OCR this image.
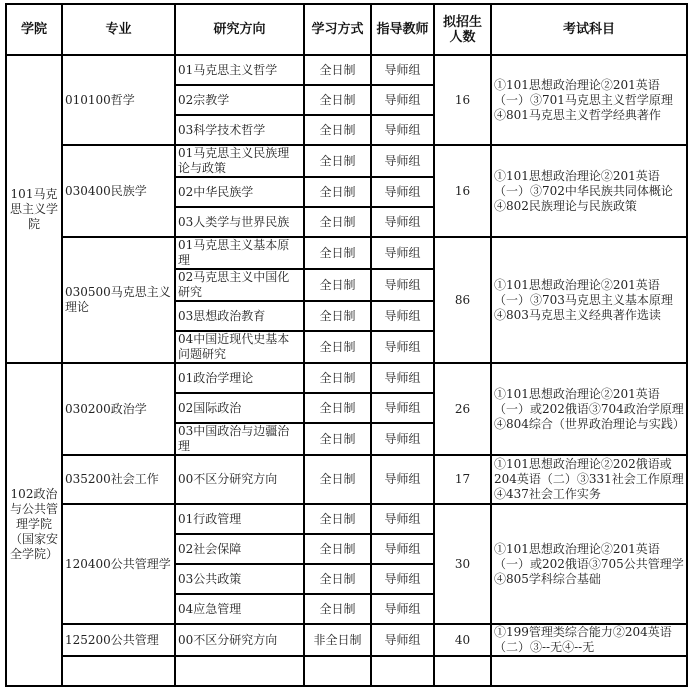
学院	专业	研究方向	学习方式	指导教师	拟招生人数	考试科目
101马克思主义学院	010100哲学	01马克思主义哲学	全日制	导师组	16	①101思想政治理论②201英语（一）③701马克思主义哲学原理④801马克思主义哲学经典著作
		02宗教学	全日制	导师组		
		03科学技术哲学	全日制	导师组		
	030400民族学	01马克思主义民族理论与政策	全日制	导师组	16	①101思想政治理论②201英语（一）③702中华民族共同体概论④802民族理论与民族政策
		02中华民族学	全日制	导师组		
		03人类学与世界民族	全日制	导师组		
	030500马克思主义理论	01马克思主义基本原理	全日制	导师组	86	①101思想政治理论②201英语（一）③703马克思主义基本原理④803马克思主义经典著作选读
		02马克思主义中国化研究	全日制	导师组		
		03思想政治教育	全日制	导师组		
		04中国近现代史基本问题研究	全日制	导师组		
102政治与公共管理学院（国家安全学院）	030200政治学	01政治学理论	全日制	导师组	26	①101思想政治理论②201英语（一）或202俄语③704政治学原理④804综合（世界政治理论与实践）
		02国际政治	全日制	导师组		
		03中国政治与边疆治理	全日制	导师组		
	035200社会工作	00不区分研究方向	全日制	导师组	17	①101思想政治理论②202俄语或204英语（二）③331社会工作原理④437社会工作实务
	120400公共管理学	01行政管理	全日制	导师组	30	①101思想政治理论②201英语（一）或202俄语③705公共管理学④805学科综合基础
		02社会保障	全日制	导师组		
		03公共政策	全日制	导师组		
		04应急管理	全日制	导师组		
	125200公共管理	00不区分研究方向	非全日制	导师组	40	①199管理类综合能力②204英语（二）③--无④--无
